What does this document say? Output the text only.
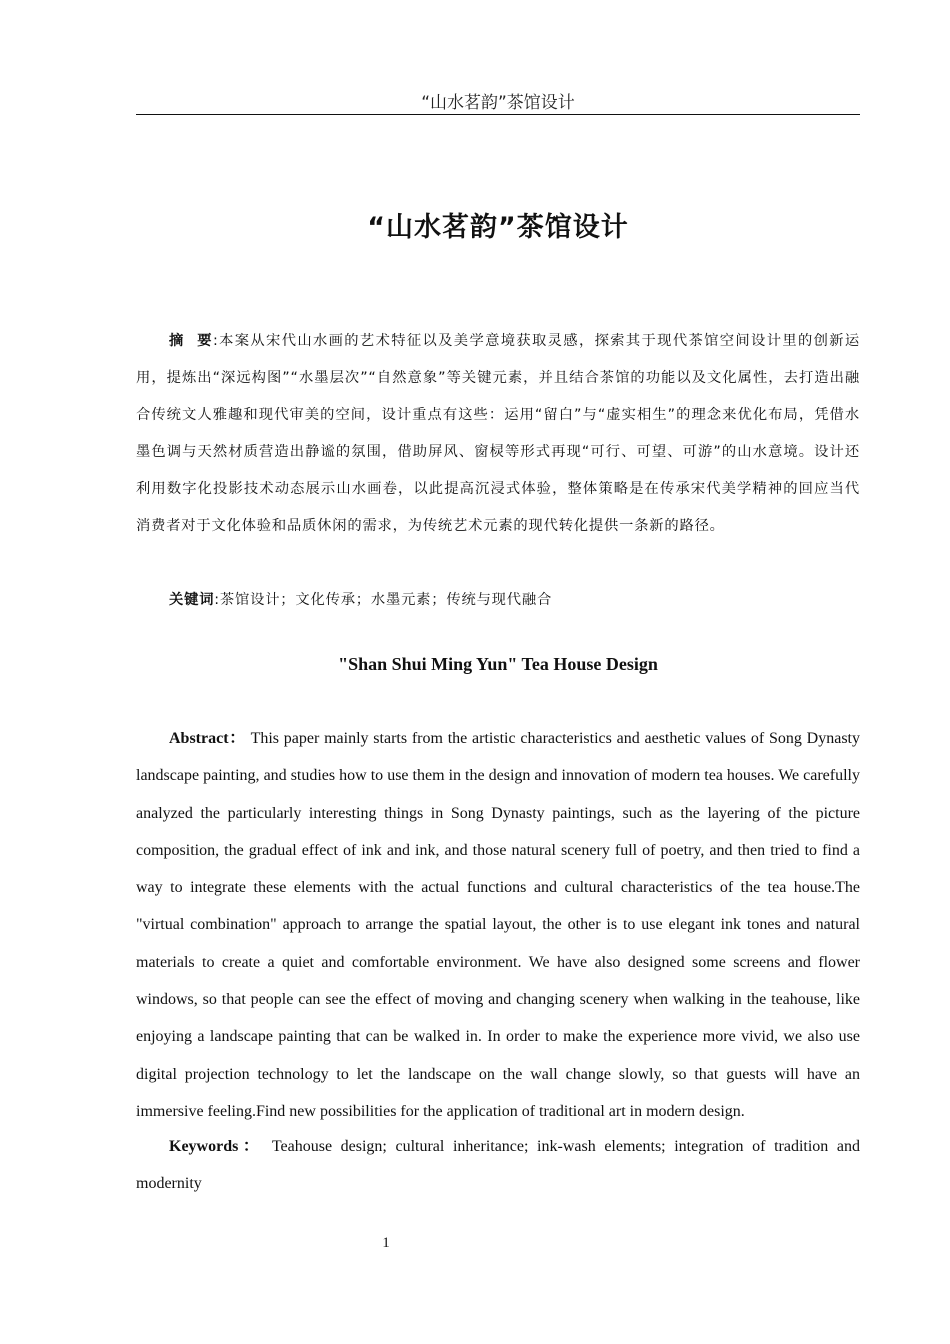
“山水茗韵”茶馆设计
“山水茗韵”茶馆设计

摘  要:本案从宋代山水画的艺术特征以及美学意境获取灵感，探索其于现代茶馆空间设计里的创新运用，提炼出“深远构图”“水墨层次”“自然意象”等关键元素，并且结合茶馆的功能以及文化属性，去打造出融合传统文人雅趣和现代审美的空间，设计重点有这些：运用“留白”与“虚实相生”的理念来优化布局，凭借水墨色调与天然材质营造出静谧的氛围，借助屏风、窗棂等形式再现“可行、可望、可游”的山水意境。设计还利用数字化投影技术动态展示山水画卷，以此提高沉浸式体验，整体策略是在传承宋代美学精神的回应当代消费者对于文化体验和品质休闲的需求，为传统艺术元素的现代转化提供一条新的路径。

关键词:茶馆设计；文化传承；水墨元素；传统与现代融合

"Shan Shui Ming Yun" Tea House Design

Abstract： This paper mainly starts from the artistic characteristics and aesthetic values of Song Dynasty landscape painting, and studies how to use them in the design and innovation of modern tea houses. We carefully analyzed the particularly interesting things in Song Dynasty paintings, such as the layering of the picture composition, the gradual effect of ink and ink, and those natural scenery full of poetry, and then tried to find a way to integrate these elements with the actual functions and cultural characteristics of the tea house.The "virtual combination" approach to arrange the spatial layout, the other is to use elegant ink tones and natural materials to create a quiet and comfortable environment. We have also designed some screens and flower windows, so that people can see the effect of moving and changing scenery when walking in the teahouse, like enjoying a landscape painting that can be walked in. In order to make the experience more vivid, we also use digital projection technology to let the landscape on the wall change slowly, so that guests will have an immersive feeling.Find new possibilities for the application of traditional art in modern design.

Keywords： Teahouse design; cultural inheritance; ink-wash elements; integration of tradition and modernity

1
